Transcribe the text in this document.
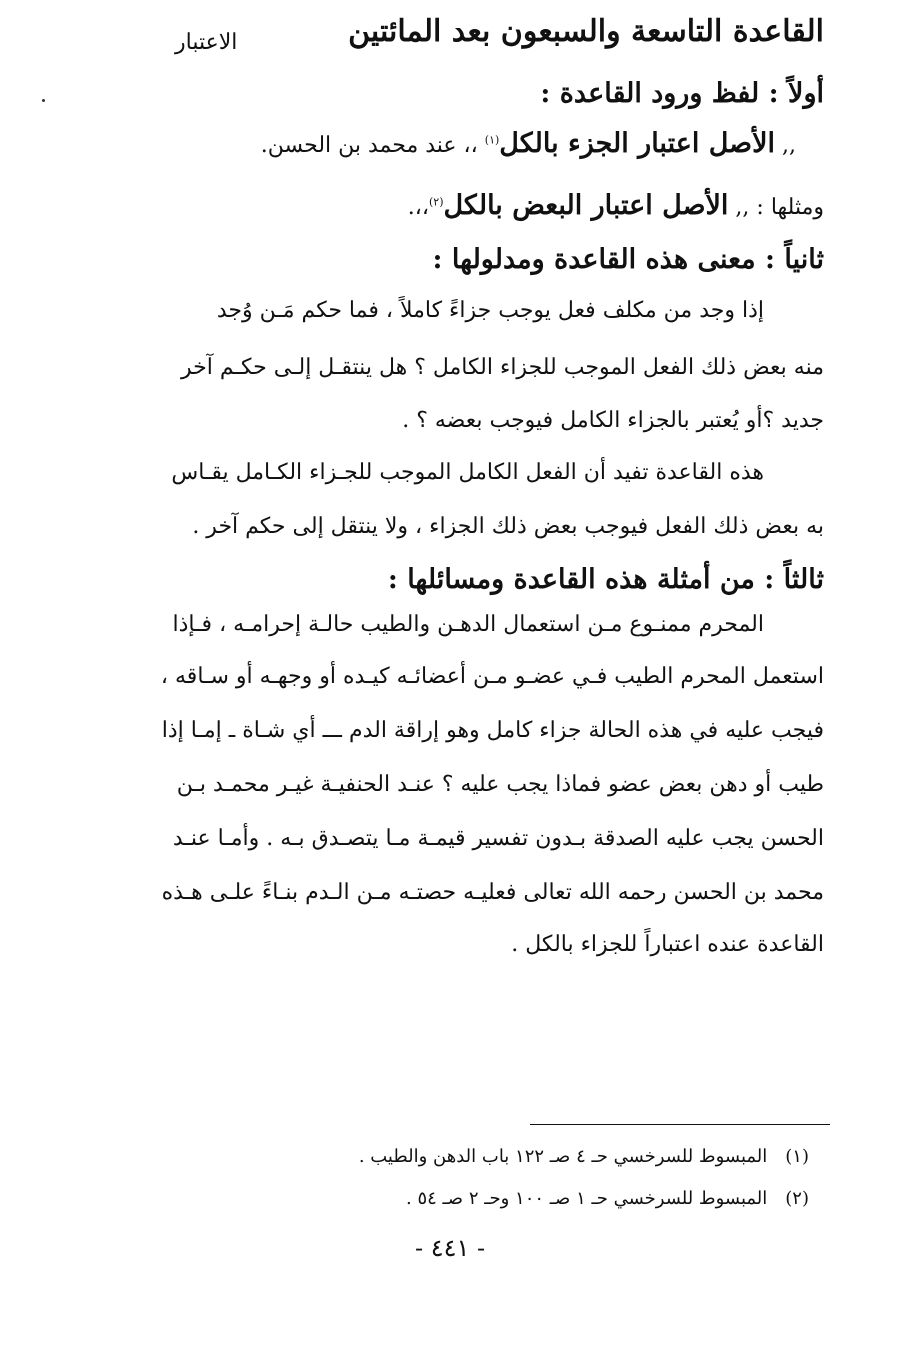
القاعدة التاسعة والسبعون بعد المائتين
الاعتبار
أولاً : لفظ ورود القاعدة :
,, الأصل اعتبار الجزء بالكل$^{(١)}$ ،، عند محمد بن الحسن.
ومثلها : ,, الأصل اعتبار البعض بالكل$^{(٢)}$،،.
ثانياً : معنى هذه القاعدة ومدلولها :
إذا وجد من مكلف فعل يوجب جزاءً كاملاً ، فما حكم مَـن وُجد
منه بعض ذلك الفعل الموجب للجزاء الكامل ؟ هل ينتقـل إلـى حكـم آخر
جديد ؟أو يُعتبر بالجزاء الكامل فيوجب بعضه ؟ .
هذه القاعدة تفيد أن الفعل الكامل الموجب للجـزاء الكـامل يقـاس
به بعض ذلك الفعل فيوجب بعض ذلك الجزاء ، ولا ينتقل إلى حكم آخر .
ثالثاً : من أمثلة هذه القاعدة ومسائلها :
المحرم ممنـوع مـن استعمال الدهـن والطيب حالـة إحرامـه ، فـإذا
استعمل المحرم الطيب فـي عضـو مـن أعضائـه كيـده أو وجهـه أو سـاقه ،
فيجب عليه في هذه الحالة جزاء كامل وهو إراقة الدم ـــ أي شـاة ـ إمـا إذا
طيب أو دهن بعض عضو فماذا يجب عليه ؟ عنـد الحنفيـة غيـر محمـد بـن
الحسن يجب عليه الصدقة بـدون تفسير قيمـة مـا يتصـدق بـه . وأمـا عنـد
محمد بن الحسن رحمه الله تعالى فعليـه حصتـه مـن الـدم بنـاءً علـى هـذه
القاعدة عنده اعتباراً للجزاء بالكل .
(١)المبسوط للسرخسي حـ ٤ صـ ١٢٢ باب الدهن والطيب .
(٢)المبسوط للسرخسي حـ ١ صـ ١٠٠ وحـ ٢ صـ ٥٤ .
- ٤٤١ -
